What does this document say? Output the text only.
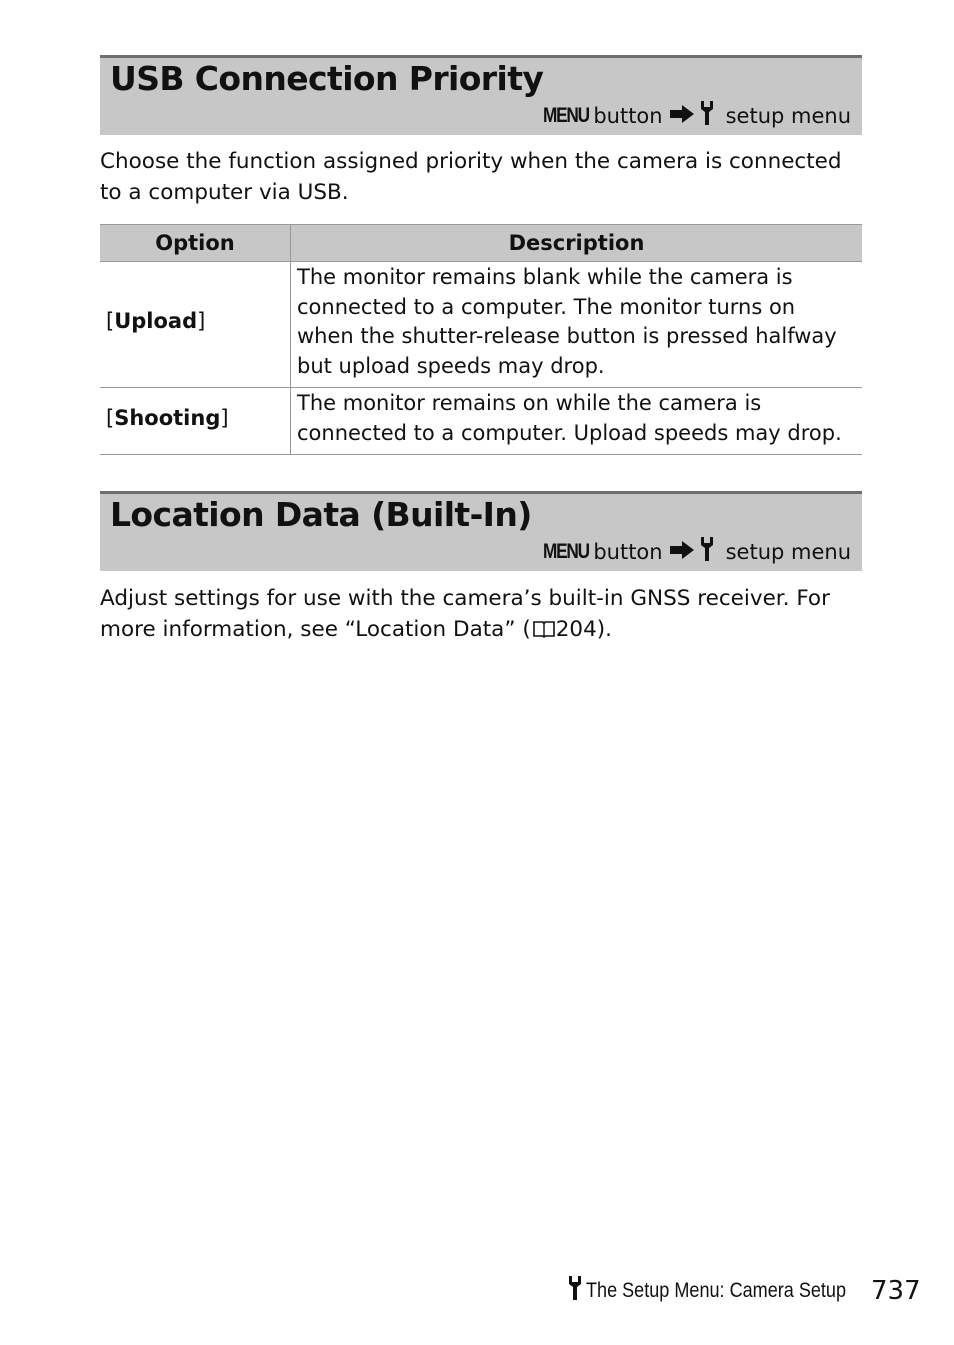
USB Connection Priority
MENU button	setup menu

Choose the function assigned priority when the camera is connected to a computer via USB.

Option	Description
[Upload]	The monitor remains blank while the camera is connected to a computer. The monitor turns on when the shutter-release button is pressed halfway but upload speeds may drop.
[Shooting]	The monitor remains on while the camera is connected to a computer. Upload speeds may drop.
Location Data (Built-In)
MENU button	setup menu

Adjust settings for use with the camera’s built-in GNSS receiver. For more information, see “Location Data” ( 204).

The Setup Menu: Camera Setup 737
